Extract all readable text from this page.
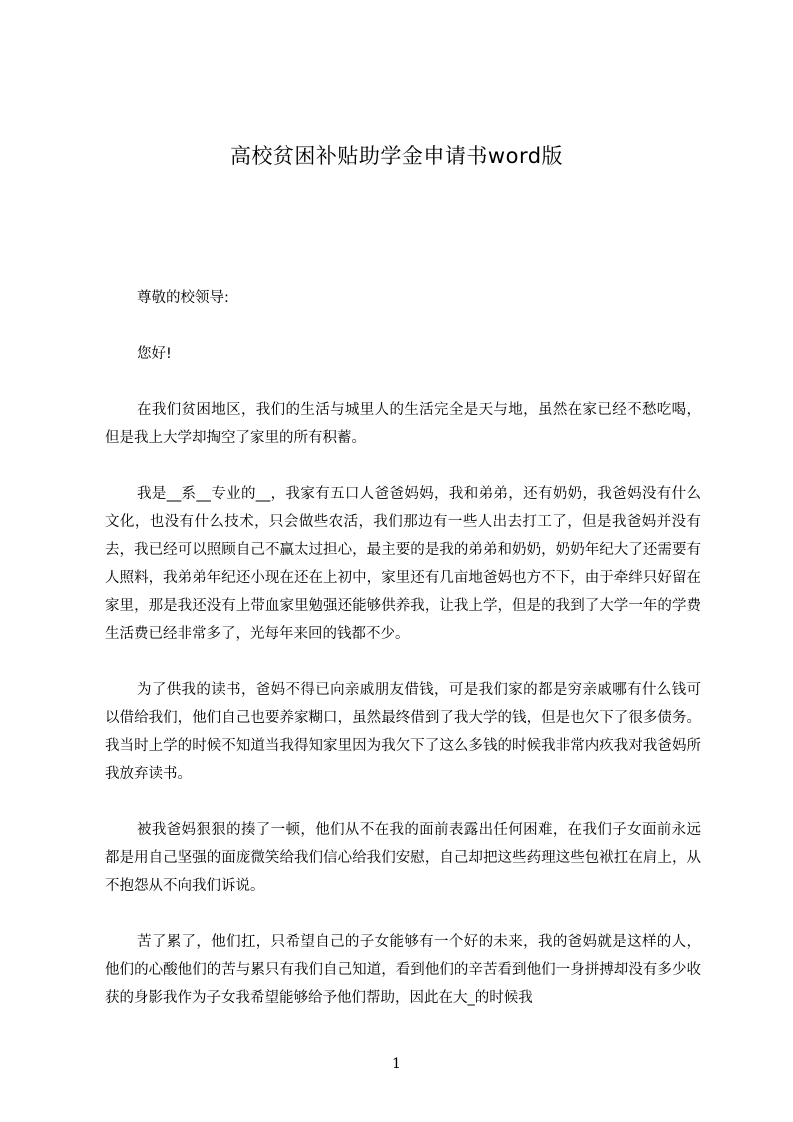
高校贫困补贴助学金申请书word版

尊敬的校领导:

您好!

在我们贫困地区，我们的生活与城里人的生活完全是天与地，虽然在家已经不愁吃喝，但是我上大学却掏空了家里的所有积蓄。

我是__系__专业的__，我家有五口人爸爸妈妈，我和弟弟，还有奶奶，我爸妈没有什么文化，也没有什么技术，只会做些农活，我们那边有一些人出去打工了，但是我爸妈并没有去，我已经可以照顾自己不赢太过担心，最主要的是我的弟弟和奶奶，奶奶年纪大了还需要有人照料，我弟弟年纪还小现在还在上初中，家里还有几亩地爸妈也方不下，由于牵绊只好留在家里，那是我还没有上带血家里勉强还能够供养我，让我上学，但是的我到了大学一年的学费生活费已经非常多了，光每年来回的钱都不少。

为了供我的读书，爸妈不得已向亲戚朋友借钱，可是我们家的都是穷亲戚哪有什么钱可以借给我们，他们自己也要养家糊口，虽然最终借到了我大学的钱，但是也欠下了很多债务。我当时上学的时候不知道当我得知家里因为我欠下了这么多钱的时候我非常内疚我对我爸妈所我放弃读书。

被我爸妈狠狠的揍了一顿，他们从不在我的面前表露出任何困难，在我们子女面前永远都是用自己坚强的面庞微笑给我们信心给我们安慰，自己却把这些药理这些包袱扛在肩上，从不抱怨从不向我们诉说。

苦了累了，他们扛，只希望自己的子女能够有一个好的未来，我的爸妈就是这样的人，他们的心酸他们的苦与累只有我们自己知道，看到他们的辛苦看到他们一身拼搏却没有多少收获的身影我作为子女我希望能够给予他们帮助，因此在大_的时候我

1
